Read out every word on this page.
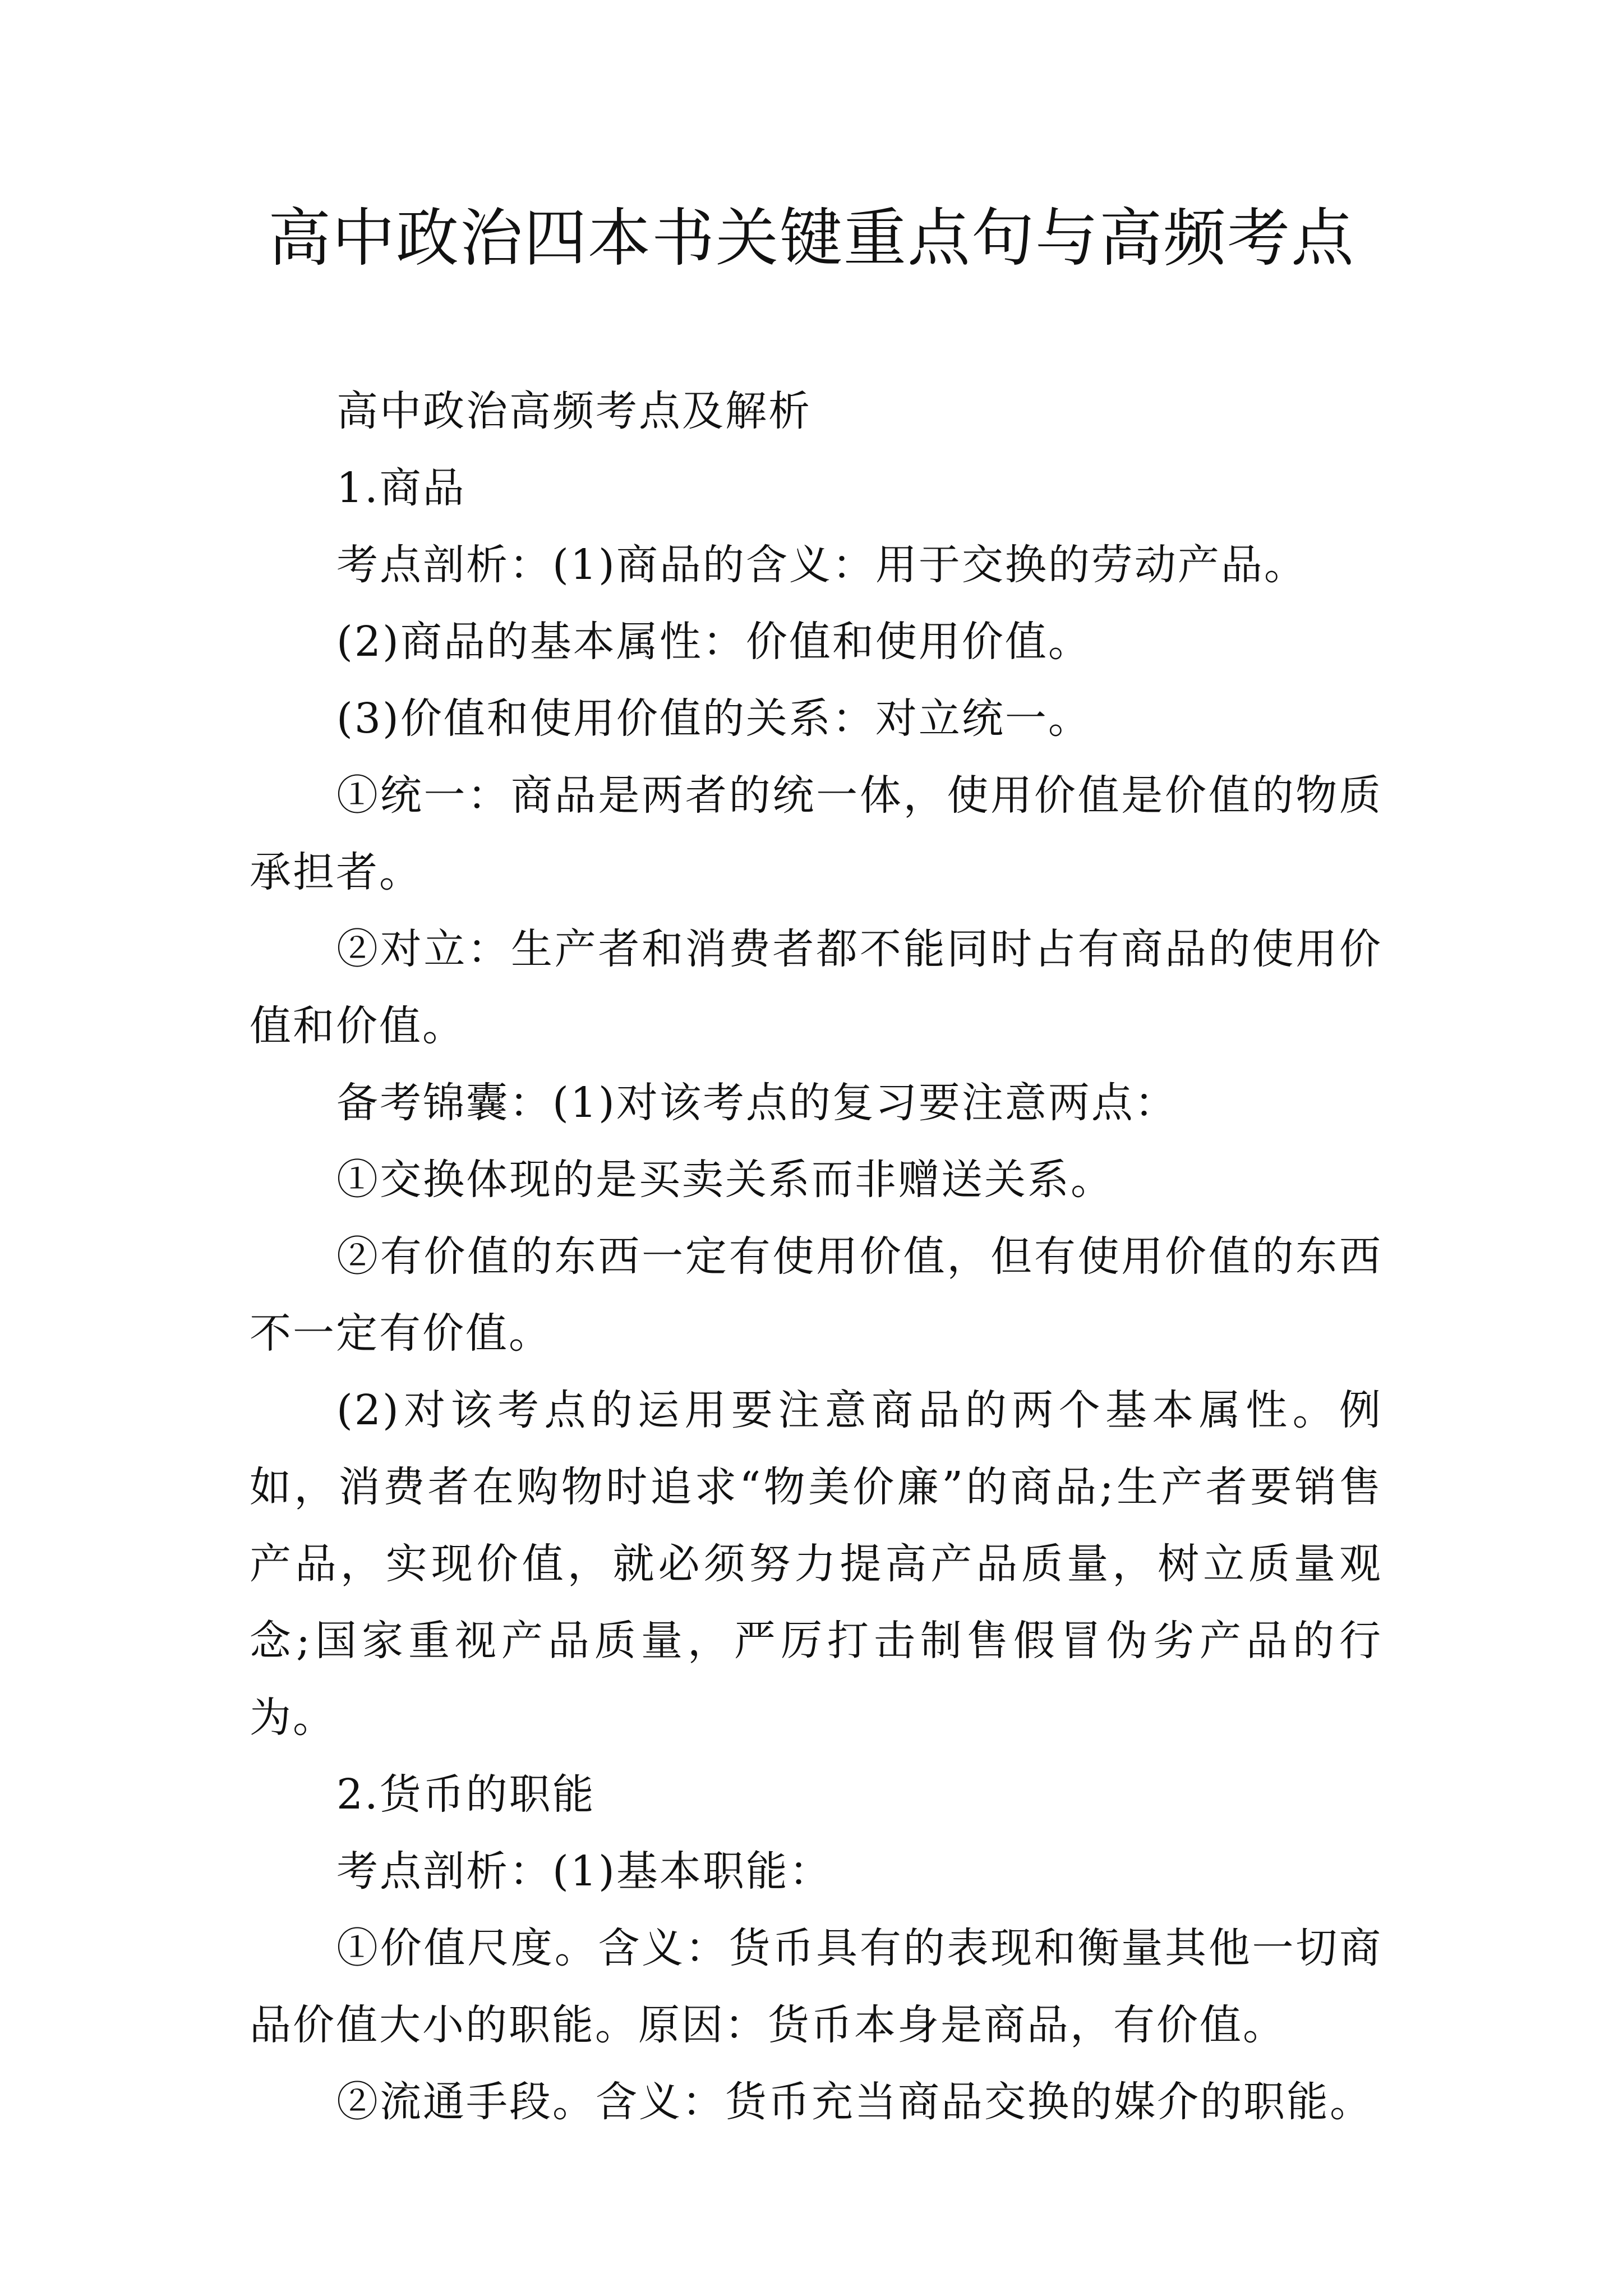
高中政治四本书关键重点句与高频考点

高中政治高频考点及解析

1.商品

考点剖析：(1)商品的含义：用于交换的劳动产品。

(2)商品的基本属性：价值和使用价值。

(3)价值和使用价值的关系：对立统一。

①统一：商品是两者的统一体，使用价值是价值的物质承担者。

②对立：生产者和消费者都不能同时占有商品的使用价值和价值。

备考锦囊：(1)对该考点的复习要注意两点：

①交换体现的是买卖关系而非赠送关系。

②有价值的东西一定有使用价值，但有使用价值的东西不一定有价值。

(2)对该考点的运用要注意商品的两个基本属性。例如，消费者在购物时追求“物美价廉”的商品;生产者要销售产品，实现价值，就必须努力提高产品质量，树立质量观念;国家重视产品质量，严厉打击制售假冒伪劣产品的行为。

2.货币的职能

考点剖析：(1)基本职能：

①价值尺度。含义：货币具有的表现和衡量其他一切商品价值大小的职能。原因：货币本身是商品，有价值。

②流通手段。含义：货币充当商品交换的媒介的职能。
